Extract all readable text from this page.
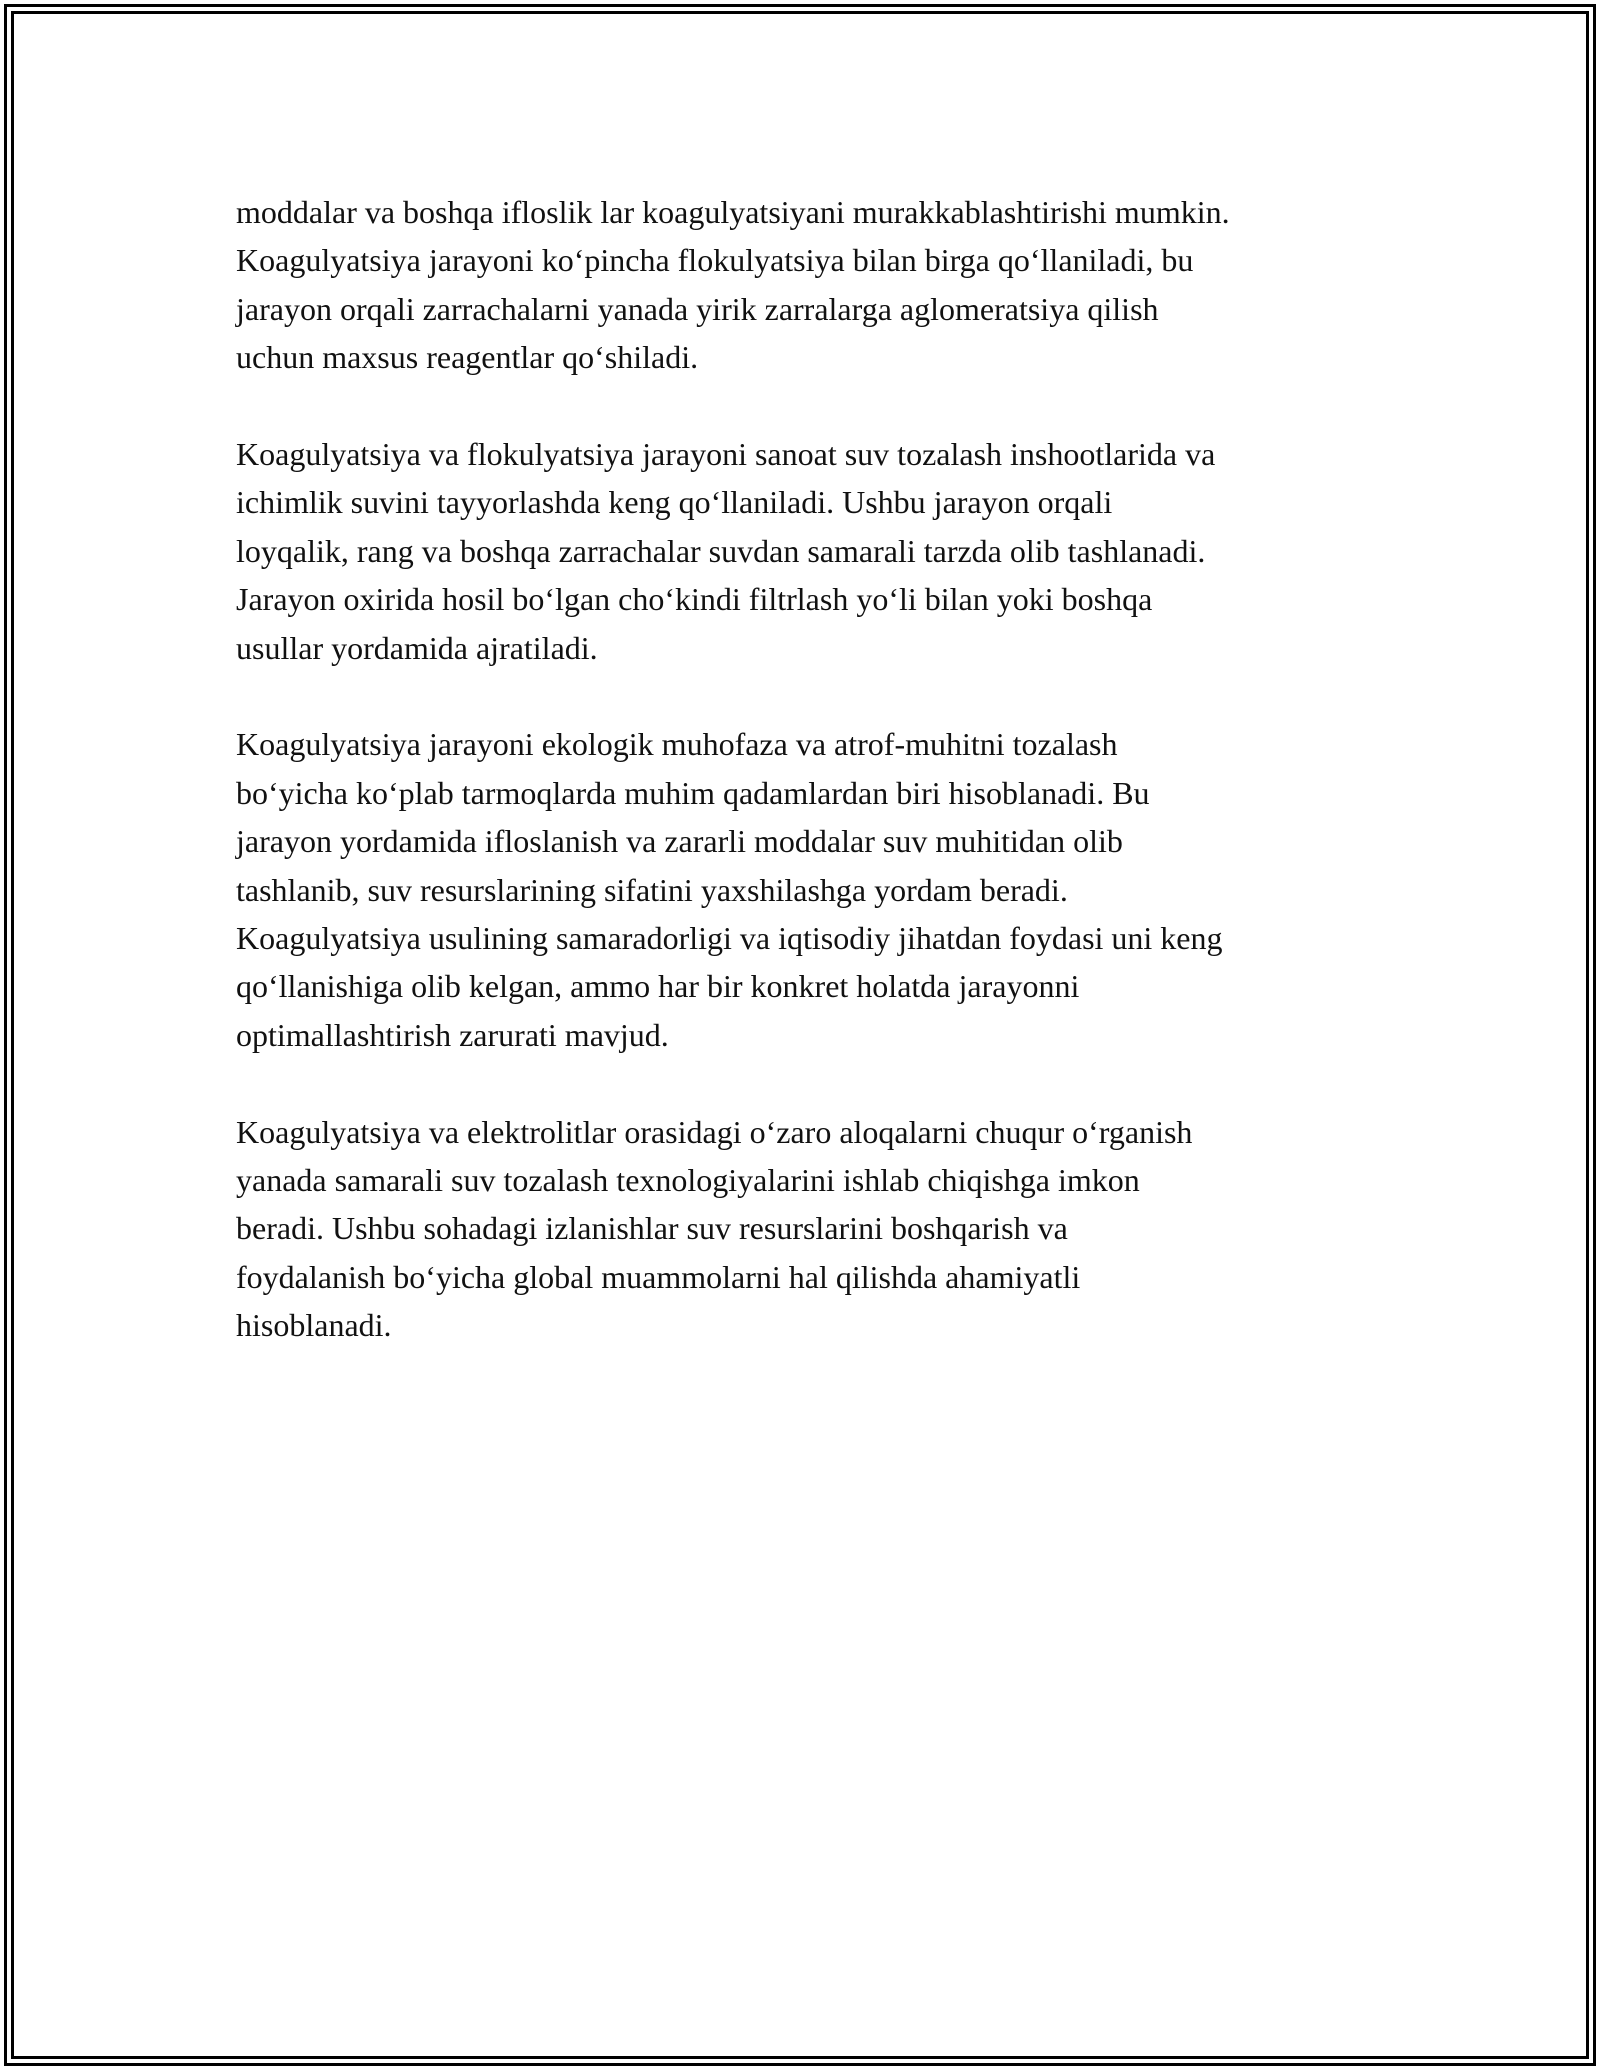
moddalar va boshqa ifloslik lar koagulyatsiyani murakkablashtirishi mumkin.
Koagulyatsiya jarayoni ko‘pincha flokulyatsiya bilan birga qo‘llaniladi, bu
jarayon orqali zarrachalarni yanada yirik zarralarga aglomeratsiya qilish
uchun maxsus reagentlar qo‘shiladi.

Koagulyatsiya va flokulyatsiya jarayoni sanoat suv tozalash inshootlarida va
ichimlik suvini tayyorlashda keng qo‘llaniladi. Ushbu jarayon orqali
loyqalik, rang va boshqa zarrachalar suvdan samarali tarzda olib tashlanadi.
Jarayon oxirida hosil bo‘lgan cho‘kindi filtrlash yo‘li bilan yoki boshqa
usullar yordamida ajratiladi.

Koagulyatsiya jarayoni ekologik muhofaza va atrof-muhitni tozalash
bo‘yicha ko‘plab tarmoqlarda muhim qadamlardan biri hisoblanadi. Bu
jarayon yordamida ifloslanish va zararli moddalar suv muhitidan olib
tashlanib, suv resurslarining sifatini yaxshilashga yordam beradi.
Koagulyatsiya usulining samaradorligi va iqtisodiy jihatdan foydasi uni keng
qo‘llanishiga olib kelgan, ammo har bir konkret holatda jarayonni
optimallashtirish zarurati mavjud.

Koagulyatsiya va elektrolitlar orasidagi o‘zaro aloqalarni chuqur o‘rganish
yanada samarali suv tozalash texnologiyalarini ishlab chiqishga imkon
beradi. Ushbu sohadagi izlanishlar suv resurslarini boshqarish va
foydalanish bo‘yicha global muammolarni hal qilishda ahamiyatli
hisoblanadi.
